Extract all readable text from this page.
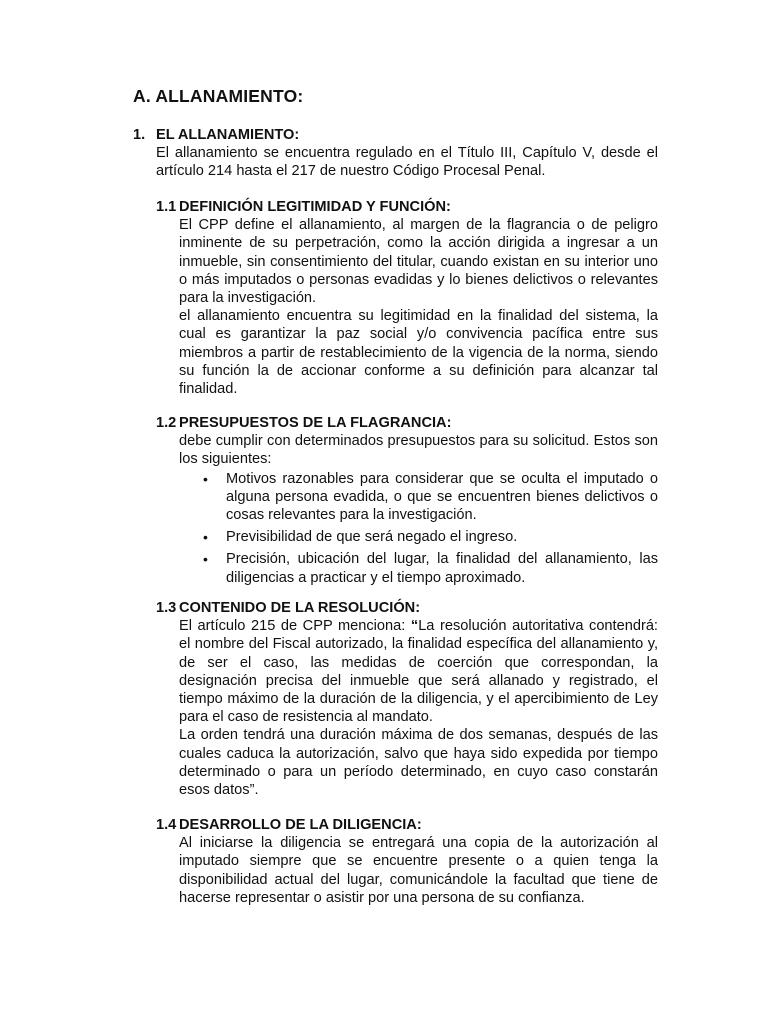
A. ALLANAMIENTO:

1. EL ALLANAMIENTO:

El allanamiento se encuentra regulado en el Título III, Capítulo V, desde el artículo 214 hasta el 217 de nuestro Código Procesal Penal.

1.1 DEFINICIÓN LEGITIMIDAD Y FUNCIÓN:

El CPP define el allanamiento, al margen de la flagrancia o de peligro inminente de su perpetración, como la acción dirigida a ingresar a un inmueble, sin consentimiento del titular, cuando existan en su interior uno o más imputados o personas evadidas y lo bienes delictivos o relevantes para la investigación.

el allanamiento encuentra su legitimidad en la finalidad del sistema, la cual es garantizar la paz social y/o convivencia pacífica entre sus miembros a partir de restablecimiento de la vigencia de la norma, siendo su función la de accionar conforme a su definición para alcanzar tal finalidad.

1.2 PRESUPUESTOS DE LA FLAGRANCIA:

debe cumplir con determinados presupuestos para su solicitud. Estos son los siguientes:

• Motivos razonables para considerar que se oculta el imputado o alguna persona evadida, o que se encuentren bienes delictivos o cosas relevantes para la investigación.
• Previsibilidad de que será negado el ingreso.
• Precisión, ubicación del lugar, la finalidad del allanamiento, las diligencias a practicar y el tiempo aproximado.

1.3 CONTENIDO DE LA RESOLUCIÓN:

El artículo 215 de CPP menciona: “La resolución autoritativa contendrá: el nombre del Fiscal autorizado, la finalidad específica del allanamiento y, de ser el caso, las medidas de coerción que correspondan, la designación precisa del inmueble que será allanado y registrado, el tiempo máximo de la duración de la diligencia, y el apercibimiento de Ley para el caso de resistencia al mandato.

La orden tendrá una duración máxima de dos semanas, después de las cuales caduca la autorización, salvo que haya sido expedida por tiempo determinado o para un período determinado, en cuyo caso constarán esos datos”.

1.4 DESARROLLO DE LA DILIGENCIA:

Al iniciarse la diligencia se entregará una copia de la autorización al imputado siempre que se encuentre presente o a quien tenga la disponibilidad actual del lugar, comunicándole la facultad que tiene de hacerse representar o asistir por una persona de su confianza.
